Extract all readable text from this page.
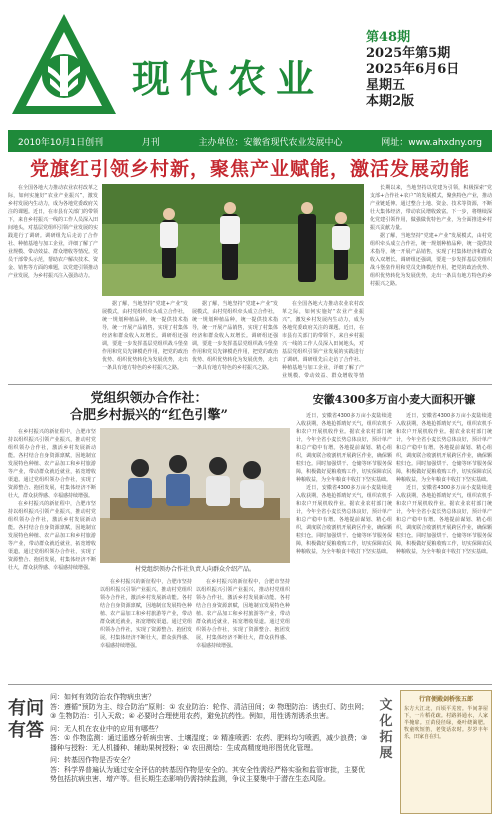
现代农业
第48期
2025年第5期
2025年6月6日
星期五
本期2版
2010年10月1日创刊	月刊	主办单位：安徽省现代农业发展中心	网址：www.ahxdny.org
党旗红引领乡村新，聚焦产业赋能，激活发展动能

在全国各地大力推动农业农村改革之际，如何实施好“农业产业振兴”，激发乡村发展内生动力，成为各地党委政府关注的课题。近日，在市县有关部门的带领下，来自乡村振兴一线的工作人员深入田间地头，对基层党组织引领产业发展的实践进行了调研。调研组先后走访了合作社、种植基地与加工企业，详细了解了产业规模、带动效益、群众增收等情况。党员干部带头示范，帮助农户解决技术、资金、销售等方面的难题，以党建引领推动产业发展，为乡村振兴注入强劲动力。

据了解，当地坚持“党建+产业”发展模式，由村党组织牵头成立合作社，统一规划种植品种，统一提供技术指导，统一开展产品销售，实现了村集体经济和群众收入双增长。调研组还强调，要进一步发挥基层党组织战斗堡垒作用和党员先锋模范作用，把党的政治优势、组织优势转化为发展优势，走出一条具有地方特色的乡村振兴之路。

据了解，当地坚持“党建+产业”发展模式，由村党组织牵头成立合作社，统一规划种植品种，统一提供技术指导，统一开展产品销售，实现了村集体经济和群众收入双增长。调研组还强调，要进一步发挥基层党组织战斗堡垒作用和党员先锋模范作用，把党的政治优势、组织优势转化为发展优势，走出一条具有地方特色的乡村振兴之路。

在全国各地大力推动农业农村改革之际，如何实施好“农业产业振兴”，激发乡村发展内生动力，成为各地党委政府关注的课题。近日，在市县有关部门的带领下，来自乡村振兴一线的工作人员深入田间地头，对基层党组织引领产业发展的实践进行了调研。调研组先后走访了合作社、种植基地与加工企业，详细了解了产业规模、带动效益、群众增收等情

长期以来，当地坚持以党建为引领，积极探索“党支部+合作社+农户”的发展模式，聚焦特色产业，推动产业链延伸。通过整合土地、资金、技术等资源，不断壮大集体经济，带动农民增收致富。下一步，将继续深化党建引领作用，做强做优特色产业，为全面推进乡村振兴贡献力量。

据了解，当地坚持“党建+产业”发展模式，由村党组织牵头成立合作社，统一规划种植品种，统一提供技术指导，统一开展产品销售，实现了村集体经济和群众收入双增长。调研组还强调，要进一步发挥基层党组织战斗堡垒作用和党员先锋模范作用，把党的政治优势、组织优势转化为发展优势，走出一条具有地方特色的乡村振兴之路。

党组织领办合作社：
合肥乡村振兴的“红色引擎”

在乡村振兴的新征程中，合肥市坚持以组织振兴引领产业振兴，推动村党组织领办合作社，激活乡村发展新动能。各村结合自身资源禀赋，因地制宜发展特色种植、农产品加工和乡村旅游等产业，带动群众就近就业，拓宽增收渠道。通过党组织领办合作社，实现了资源整合、抱团发展，村集体经济不断壮大，群众获得感、幸福感持续增强。

在乡村振兴的新征程中，合肥市坚持以组织振兴引领产业振兴，推动村党组织领办合作社，激活乡村发展新动能。各村结合自身资源禀赋，因地制宜发展特色种植、农产品加工和乡村旅游等产业，带动群众就近就业，拓宽增收渠道。通过党组织领办合作社，实现了资源整合、抱团发展，村集体经济不断壮大，群众获得感、幸福感持续增强。	村党组织领办合作社负责人向群众介绍产品。

在乡村振兴的新征程中，合肥市坚持以组织振兴引领产业振兴，推动村党组织领办合作社，激活乡村发展新动能。各村结合自身资源禀赋，因地制宜发展特色种植、农产品加工和乡村旅游等产业，带动群众就近就业，拓宽增收渠道。通过党组织领办合作社，实现了资源整合、抱团发展，村集体经济不断壮大，群众获得感、幸福感持续增强。

在乡村振兴的新征程中，合肥市坚持以组织振兴引领产业振兴，推动村党组织领办合作社，激活乡村发展新动能。各村结合自身资源禀赋，因地制宜发展特色种植、农产品加工和乡村旅游等产业，带动群众就近就业，拓宽增收渠道。通过党组织领办合作社，实现了资源整合、抱团发展，村集体经济不断壮大，群众获得感、幸福感持续增强。

安徽4300多万亩小麦大面积开镰

近日，安徽省4300多万亩小麦陆续进入收获期，各地抢抓晴好天气，组织农机手和农户开展机收作业。据农业农村部门统计，今年全省小麦长势总体良好，预计单产和总产稳中有增。各地提前谋划、精心组织，调度联合收割机开展跨区作业，确保颗粒归仓。同时加强烘干、仓储等环节服务保障，积极做好夏粮收购工作，切实保障农民种粮收益，为全年粮食丰收打下坚实基础。

近日，安徽省4300多万亩小麦陆续进入收获期，各地抢抓晴好天气，组织农机手和农户开展机收作业。据农业农村部门统计，今年全省小麦长势总体良好，预计单产和总产稳中有增。各地提前谋划、精心组织，调度联合收割机开展跨区作业，确保颗粒归仓。同时加强烘干、仓储等环节服务保障，积极做好夏粮收购工作，切实保障农民种粮收益，为全年粮食丰收打下坚实基础。

近日，安徽省4300多万亩小麦陆续进入收获期，各地抢抓晴好天气，组织农机手和农户开展机收作业。据农业农村部门统计，今年全省小麦长势总体良好，预计单产和总产稳中有增。各地提前谋划、精心组织，调度联合收割机开展跨区作业，确保颗粒归仓。同时加强烘干、仓储等环节服务保障，积极做好夏粮收购工作，切实保障农民种粮收益，为全年粮食丰收打下坚实基础。

近日，安徽省4300多万亩小麦陆续进入收获期，各地抢抓晴好天气，组织农机手和农户开展机收作业。据农业农村部门统计，今年全省小麦长势总体良好，预计单产和总产稳中有增。各地提前谋划、精心组织，调度联合收割机开展跨区作业，确保颗粒归仓。同时加强烘干、仓储等环节服务保障，积极做好夏粮收购工作，切实保障农民种粮收益，为全年粮食丰收打下坚实基础。

有问有答
问：如何有效防治农作物病虫害？
答：遵循“预防为主、综合防治”原则：① 农业防治：轮作、清洁田间；② 物理防治：诱虫灯、防虫网；③ 生物防治：引入天敌；④ 必要时合理使用农药，避免抗药性。例如，用性诱剂诱杀虫害。
问：无人机在农业中的应用有哪些？
答：① 作物监测：通过遥感分析病虫害、土壤湿度；② 精准喷洒：农药、肥料均匀喷洒，减少浪费；③ 播种与授粉：无人机播种、辅助果树授粉；④ 农田测绘：生成高精度地形图优化管理。
问：转基因作物是否安全？
答：科学界普遍认为通过安全评估的转基因作物是安全的。其安全性需经严格实验和监管审批，主要优势包括抗病虫害、增产等。但长期生态影响仍需持续监测，争议主要集中于潜在生态风险。
文化拓展
行宫便殿剑桥张五郎
东方大江北，百顷平芜密。半间茅屋下，一片稻花疏。村路斜通水，人家半掩扉。豆苗侵径绿，桑叶绕篱肥。牧童吹短笛，老叟话农时。岁岁丰年乐，田家自在归。
